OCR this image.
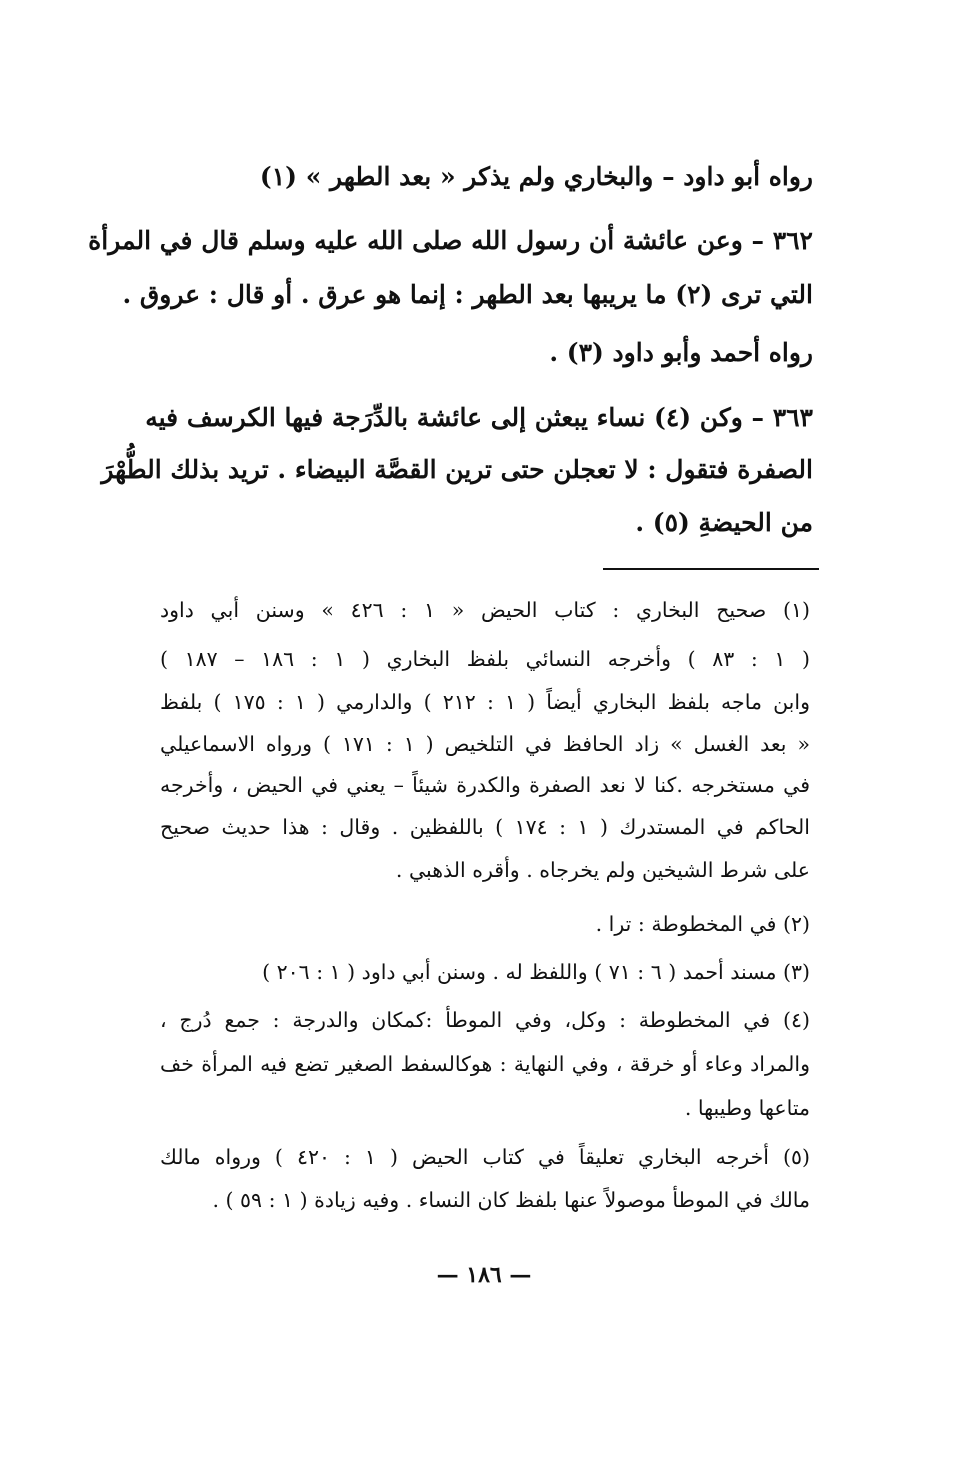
رواه أبو داود – والبخاري ولم يذكر « بعد الطهر » (١)
٣٦٢ – وعن عائشة أن رسول الله صلى الله عليه وسلم قال في المرأة
التي ترى (٢) ما يريبها بعد الطهر : إنما هو عرق . أو قال : عروق .
رواه أحمد وأبو داود (٣) .
٣٦٣ – وكن (٤) نساء يبعثن إلى عائشة بالدِّرَجة فيها الكرسف فيه
الصفرة فتقول : لا تعجلن حتى ترين القصَّة البيضاء . تريد بذلك الطُّهْرَ
من الحيضةِ (٥) .
(١) صحيح البخاري : كتاب الحيض « ١ : ٤٢٦ » وسنن أبي داود
( ١ : ٨٣ ) وأخرجه النسائي بلفظ البخاري ( ١ : ١٨٦ – ١٨٧ )
وابن ماجه بلفظ البخاري أيضاً ( ١ : ٢١٢ ) والدارمي ( ١ : ١٧٥ ) بلفظ
« بعد الغسل » زاد الحافظ في التلخيص ( ١ : ١٧١ ) ورواه الاسماعيلي
في مستخرجه .كنا لا نعد الصفرة والكدرة شيئاً – يعني في الحيض ، وأخرجه
الحاكم في المستدرك ( ١ : ١٧٤ ) باللفظين . وقال : هذا حديث صحيح
على شرط الشيخين ولم يخرجاه . وأقره الذهبي .
(٢) في المخطوطة : ترا .
(٣) مسند أحمد ( ٦ : ٧١ ) واللفظ له . وسنن أبي داود ( ١ : ٢٠٦ )
(٤) في المخطوطة : وكل، وفي الموطأ :كمكان والدرجة : جمع دُرج ،
والمراد وعاء أو خرقة ، وفي النهاية : هوكالسفط الصغير تضع فيه المرأة خف
متاعها وطيبها .
(٥) أخرجه البخاري تعليقاً في كتاب الحيض ( ١ : ٤٢٠ ) ورواه مالك
مالك في الموطأ موصولاً عنها بلفظ كان النساء . وفيه زيادة ( ١ : ٥٩ ) .
— ١٨٦ —
